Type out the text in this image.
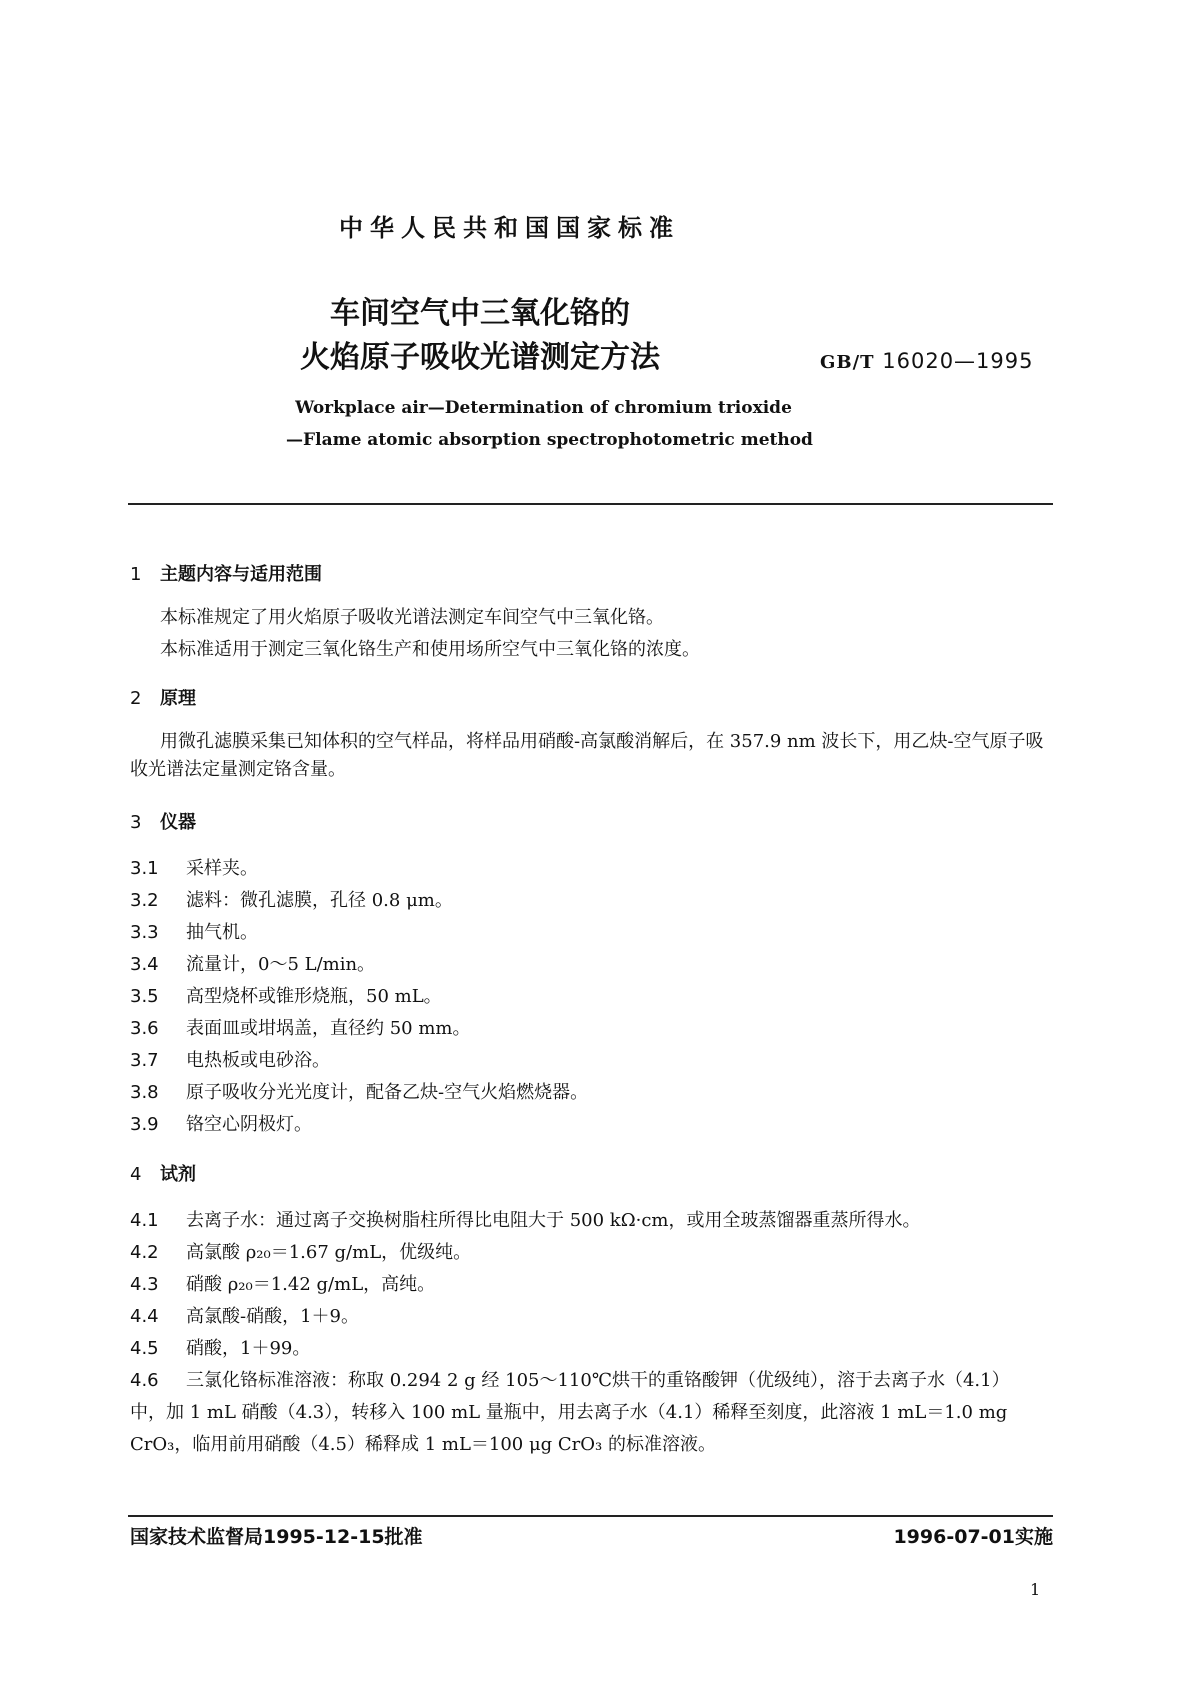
中华人民共和国国家标准
车间空气中三氧化铬的
火焰原子吸收光谱测定方法	GB/T 16020—1995
Workplace air—Determination of chromium trioxide
—Flame atomic absorption spectrophotometric method
1 主题内容与适用范围
本标准规定了用火焰原子吸收光谱法测定车间空气中三氧化铬。
本标准适用于测定三氧化铬生产和使用场所空气中三氧化铬的浓度。
2 原理
用微孔滤膜采集已知体积的空气样品，将样品用硝酸-高氯酸消解后，在 357.9 nm 波长下，用乙炔-空气原子吸收光谱法定量测定铬含量。
3 仪器
3.1 采样夹。
3.2 滤料：微孔滤膜，孔径 0.8 μm。
3.3 抽气机。
3.4 流量计，0～5 L/min。
3.5 高型烧杯或锥形烧瓶，50 mL。
3.6 表面皿或坩埚盖，直径约 50 mm。
3.7 电热板或电砂浴。
3.8 原子吸收分光光度计，配备乙炔-空气火焰燃烧器。
3.9 铬空心阴极灯。
4 试剂
4.1 去离子水：通过离子交换树脂柱所得比电阻大于 500 kΩ·cm，或用全玻蒸馏器重蒸所得水。
4.2 高氯酸 ρ₂₀＝1.67 g/mL，优级纯。
4.3 硝酸 ρ₂₀＝1.42 g/mL，高纯。
4.4 高氯酸-硝酸，1＋9。
4.5 硝酸，1＋99。
4.6 三氯化铬标准溶液：称取 0.294 2 g 经 105～110℃烘干的重铬酸钾（优级纯），溶于去离子水（4.1）
中，加 1 mL 硝酸（4.3），转移入 100 mL 量瓶中，用去离子水（4.1）稀释至刻度，此溶液 1 mL＝1.0 mg
CrO₃，临用前用硝酸（4.5）稀释成 1 mL＝100 μg CrO₃ 的标准溶液。
国家技术监督局1995-12-15批准	1996-07-01实施
1
